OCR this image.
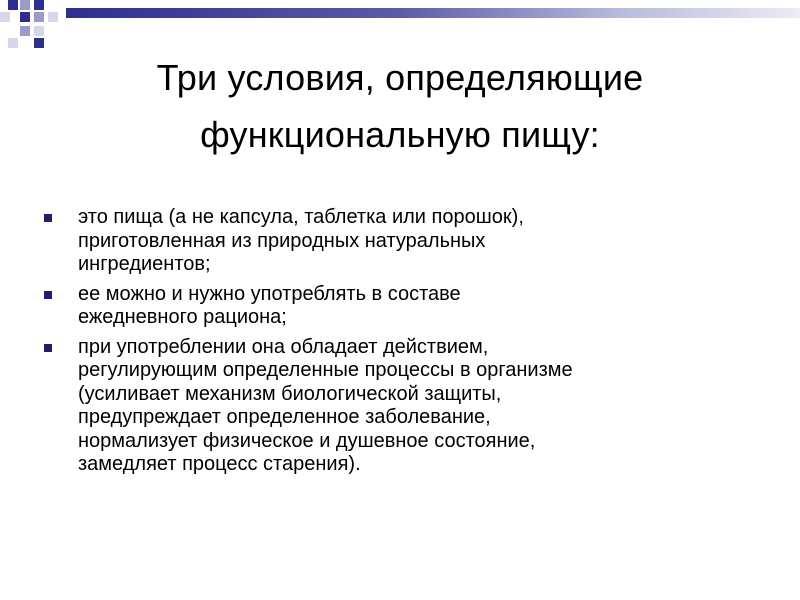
Три условия, определяющие
функциональную пищу:
это пища (а не капсула, таблетка или порошок),
приготовленная из природных натуральных
ингредиентов;
ее можно и нужно употреблять в составе
ежедневного рациона;
при употреблении она обладает действием,
регулирующим определенные процессы в организме
(усиливает механизм биологической защиты,
предупреждает определенное заболевание,
нормализует физическое и душевное состояние,
замедляет процесс старения).
